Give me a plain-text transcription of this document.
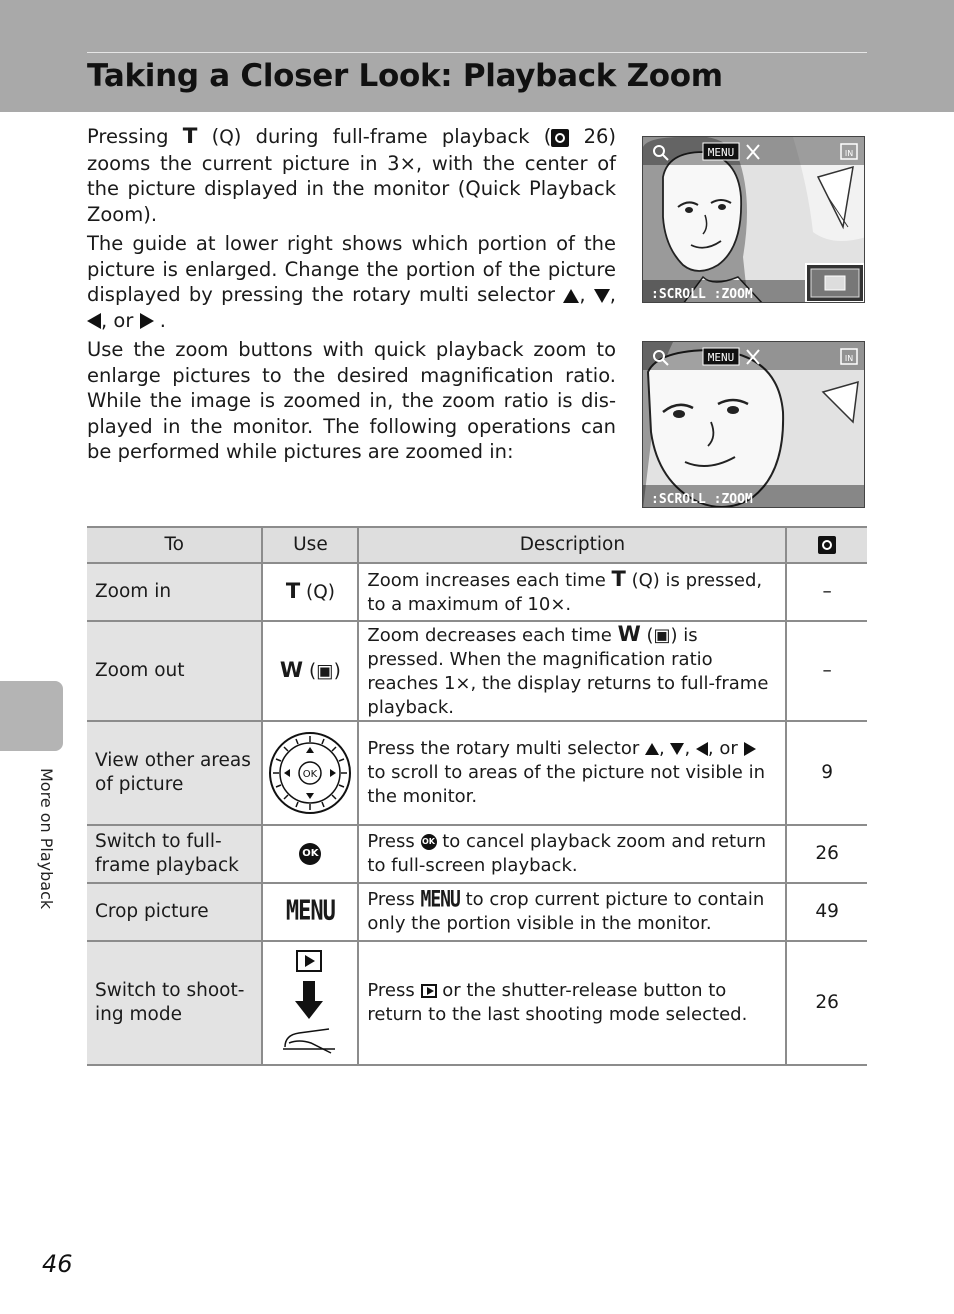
Taking a Closer Look: Playback Zoom
More on Playback

Pressing T (Q) during full-frame playback ( 26) zooms the current picture in 3×, with the center of the picture displayed in the monitor (Quick Playback Zoom).

The guide at lower right shows which portion of the picture is enlarged. Change the portion of the picture displayed by pressing the rotary multi selector , , , or .

Use the zoom buttons with quick playback zoom to enlarge pictures to the desired magnification ratio. While the image is zoomed in, the zoom ratio is dis-played in the monitor. The following operations can be performed while pictures are zoomed in:

MENU	IN
:SCROLL :ZOOM
MENU	IN
:SCROLL :ZOOM
To	Use	Description	
Zoom in	T (Q)	Zoom increases each time T (Q) is pressed, to a maximum of 10×.	–
Zoom out	W (▣)	Zoom decreases each time W (▣) is pressed. When the magnification ratio reaches 1×, the display returns to full-frame playback.	–
View other areas of picture	OK	Press the rotary multi selector , , , or  to scroll to areas of the picture not visible in the monitor.	9
Switch to full-frame playback	OK	Press OK to cancel playback zoom and return to full-screen playback.	26
Crop picture	MENU	Press MENU to crop current picture to contain only the portion visible in the monitor.	49
Switch to shoot-ing mode		Press or the shutter-release button to return to the last shooting mode selected.	26
46
